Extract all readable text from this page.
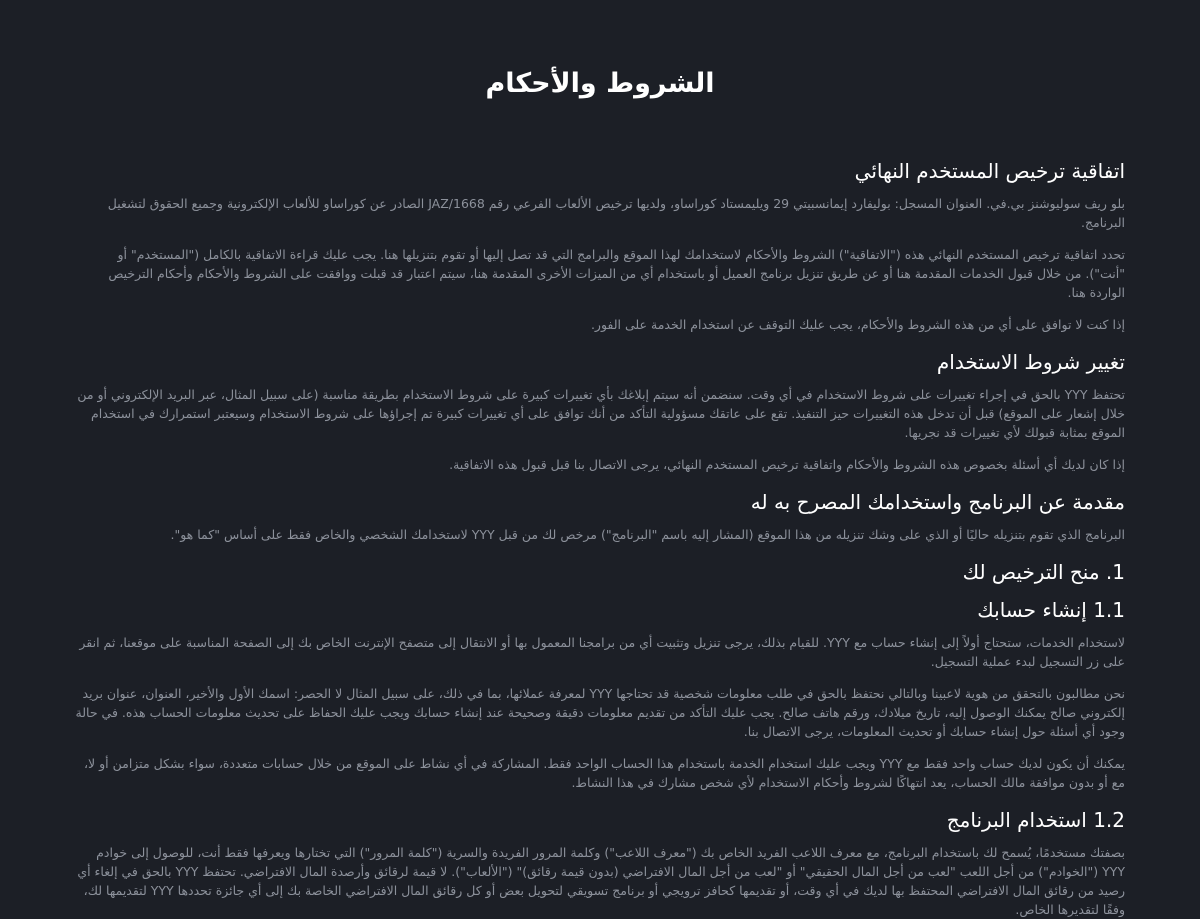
الشروط والأحكام
اتفاقية ترخيص المستخدم النهائي

بلو ريف سوليوشنز بي.في. العنوان المسجل: بوليفارد إيمانسبيتي 29 ويليمستاد كوراساو، ولديها ترخيص الألعاب الفرعي رقم JAZ/1668 الصادر عن كوراساو للألعاب الإلكترونية وجميع الحقوق لتشغيل البرنامج.

تحدد اتفاقية ترخيص المستخدم النهائي هذه ("الاتفاقية") الشروط والأحكام لاستخدامك لهذا الموقع والبرامج التي قد تصل إليها أو تقوم بتنزيلها هنا. يجب عليك قراءة الاتفاقية بالكامل ("المستخدم" أو "أنت"). من خلال قبول الخدمات المقدمة هنا أو عن طريق تنزيل برنامج العميل أو باستخدام أي من الميزات الأخرى المقدمة هنا، سيتم اعتبار قد قبلت ووافقت على الشروط والأحكام وأحكام الترخيص الواردة هنا.

إذا كنت لا توافق على أي من هذه الشروط والأحكام، يجب عليك التوقف عن استخدام الخدمة على الفور.

تغيير شروط الاستخدام

تحتفظ YYY بالحق في إجراء تغييرات على شروط الاستخدام في أي وقت. سنضمن أنه سيتم إبلاغك بأي تغييرات كبيرة على شروط الاستخدام بطريقة مناسبة (على سبيل المثال، عبر البريد الإلكتروني أو من خلال إشعار على الموقع) قبل أن تدخل هذه التغييرات حيز التنفيذ. تقع على عاتقك مسؤولية التأكد من أنك توافق على أي تغييرات كبيرة تم إجراؤها على شروط الاستخدام وسيعتبر استمرارك في استخدام الموقع بمثابة قبولك لأي تغييرات قد نجريها.

إذا كان لديك أي أسئلة بخصوص هذه الشروط والأحكام واتفاقية ترخيص المستخدم النهائي، يرجى الاتصال بنا قبل قبول هذه الاتفاقية.

مقدمة عن البرنامج واستخدامك المصرح به له

البرنامج الذي تقوم بتنزيله حاليًا أو الذي على وشك تنزيله من هذا الموقع (المشار إليه باسم "البرنامج") مرخص لك من قبل YYY لاستخدامك الشخصي والخاص فقط على أساس "كما هو".

1. منح الترخيص لك
1.1 إنشاء حسابك

لاستخدام الخدمات، ستحتاج أولاً إلى إنشاء حساب مع YYY. للقيام بذلك، يرجى تنزيل وتثبيت أي من برامجنا المعمول بها أو الانتقال إلى متصفح الإنترنت الخاص بك إلى الصفحة المناسبة على موقعنا، ثم انقر على زر التسجيل لبدء عملية التسجيل.

نحن مطالبون بالتحقق من هوية لاعبينا وبالتالي نحتفظ بالحق في طلب معلومات شخصية قد تحتاجها YYY لمعرفة عملائها، بما في ذلك، على سبيل المثال لا الحصر: اسمك الأول والأخير، العنوان، عنوان بريد إلكتروني صالح يمكنك الوصول إليه، تاريخ ميلادك، ورقم هاتف صالح. يجب عليك التأكد من تقديم معلومات دقيقة وصحيحة عند إنشاء حسابك ويجب عليك الحفاظ على تحديث معلومات الحساب هذه. في حالة وجود أي أسئلة حول إنشاء حسابك أو تحديث المعلومات، يرجى الاتصال بنا.

يمكنك أن يكون لديك حساب واحد فقط مع YYY ويجب عليك استخدام الخدمة باستخدام هذا الحساب الواحد فقط. المشاركة في أي نشاط على الموقع من خلال حسابات متعددة، سواء بشكل متزامن أو لا، مع أو بدون موافقة مالك الحساب، يعد انتهاكًا لشروط وأحكام الاستخدام لأي شخص مشارك في هذا النشاط.

1.2 استخدام البرنامج

بصفتك مستخدمًا، يُسمح لك باستخدام البرنامج، مع معرف اللاعب الفريد الخاص بك ("معرف اللاعب") وكلمة المرور الفريدة والسرية ("كلمة المرور") التي تختارها ويعرفها فقط أنت، للوصول إلى خوادم YYY ("الخوادم") من أجل اللعب "لعب من أجل المال الحقيقي" أو "لعب من أجل المال الافتراضي (بدون قيمة رقائق)" ("الألعاب"). لا قيمة لرقائق وأرصدة المال الافتراضي. تحتفظ YYY بالحق في إلغاء أي رصيد من رقائق المال الافتراضي المحتفظ بها لديك في أي وقت، أو تقديمها كحافز ترويجي أو برنامج تسويقي لتحويل بعض أو كل رقائق المال الافتراضي الخاصة بك إلى أي جائزة تحددها YYY لتقديمها لك، وفقًا لتقديرها الخاص.
